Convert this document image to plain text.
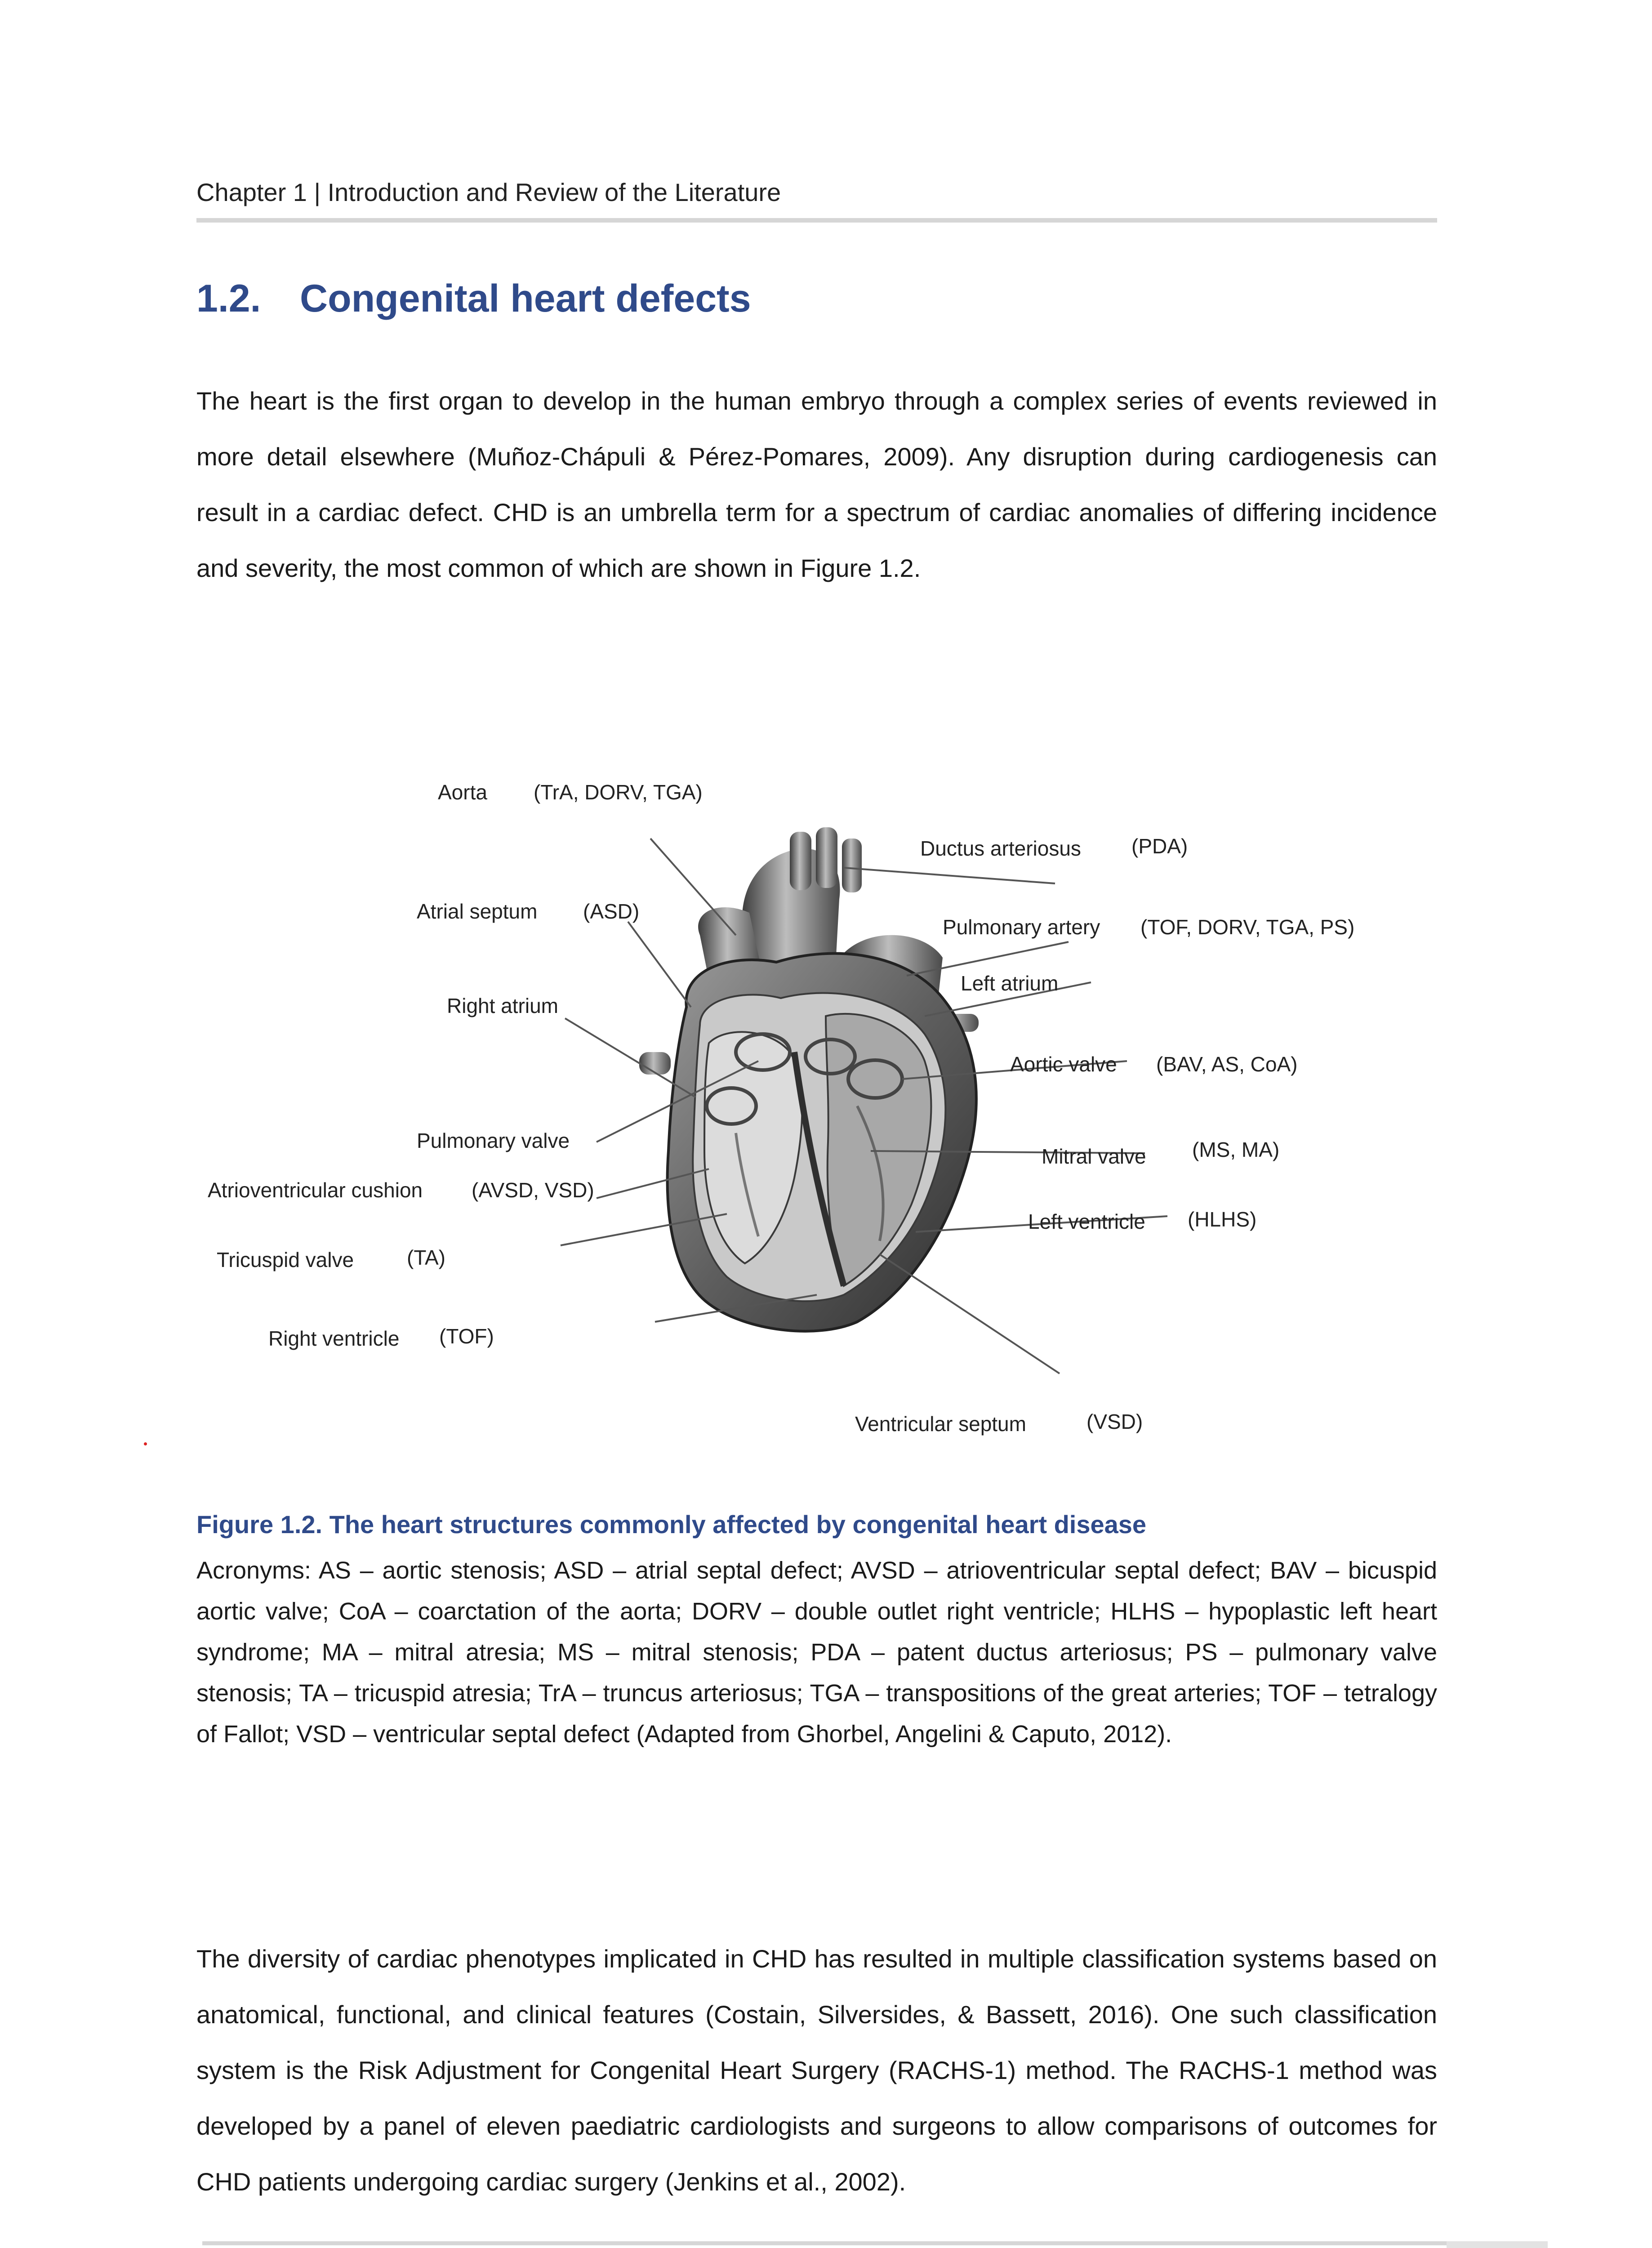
Chapter 1 | Introduction and Review of the Literature
1.2. Congenital heart defects
The heart is the first organ to develop in the human embryo through a complex series of events reviewed in more detail elsewhere (Muñoz-Chápuli & Pérez-Pomares, 2009). Any disruption during cardiogenesis can result in a cardiac defect. CHD is an umbrella term for a spectrum of cardiac anomalies of differing incidence and severity, the most common of which are shown in Figure 1.2.
Aorta (TrA, DORV, TGA)
Ductus arteriosus (PDA)
Atrial septum (ASD)
Pulmonary artery (TOF, DORV, TGA, PS)
Left atrium
Right atrium
Aortic valve (BAV, AS, CoA)
Pulmonary valve
Mitral valve (MS, MA)
Atrioventricular cushion (AVSD, VSD)
Left ventricle (HLHS)
Tricuspid valve	(TA)
Right ventricle (TOF)
Ventricular septum	(VSD)
Figure 1.2. The heart structures commonly affected by congenital heart disease
Acronyms: AS – aortic stenosis; ASD – atrial septal defect; AVSD – atrioventricular septal defect; BAV – bicuspid aortic valve; CoA – coarctation of the aorta; DORV – double outlet right ventricle; HLHS – hypoplastic left heart syndrome; MA – mitral atresia; MS – mitral stenosis; PDA – patent ductus arteriosus; PS – pulmonary valve stenosis; TA – tricuspid atresia; TrA – truncus arteriosus; TGA – transpositions of the great arteries; TOF – tetralogy of Fallot; VSD – ventricular septal defect (Adapted from Ghorbel, Angelini & Caputo, 2012).
The diversity of cardiac phenotypes implicated in CHD has resulted in multiple classification systems based on anatomical, functional, and clinical features (Costain, Silversides, & Bassett, 2016). One such classification system is the Risk Adjustment for Congenital Heart Surgery (RACHS-1) method. The RACHS-1 method was developed by a panel of eleven paediatric cardiologists and surgeons to allow comparisons of outcomes for CHD patients undergoing cardiac surgery (Jenkins et al., 2002).
